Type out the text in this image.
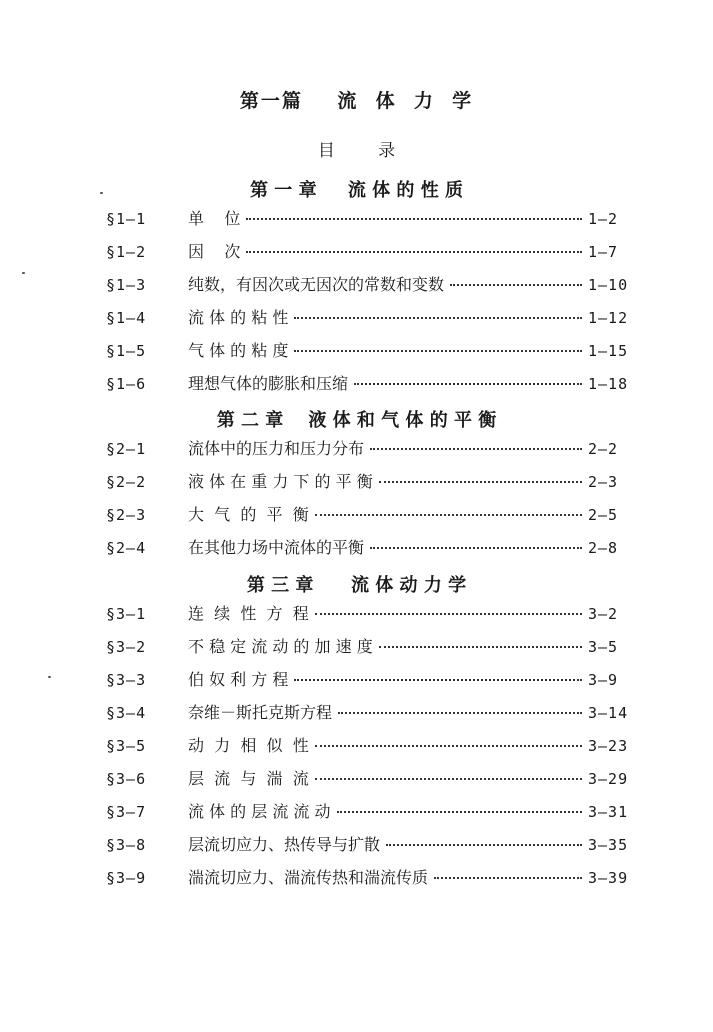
第一篇    流  体  力  学
目        录
第 一 章     流 体 的 性 质
§1—1	单    位	1—2
§1—2	因    次	1—7
§1—3	纯数，有因次或无因次的常数和变数	1—10
§1—4	流 体 的 粘 性	1—12
§1—5	气 体 的 粘 度	1—15
§1—6	理想气体的膨胀和压缩	1—18
第 二 章    液 体 和 气 体 的 平 衡
§2—1	流体中的压力和压力分布	2—2
§2—2	液 体 在 重 力 下 的 平 衡	2—3
§2—3	大  气  的  平  衡	2—5
§2—4	在其他力场中流体的平衡	2—8
第 三 章      流 体 动 力 学
§3—1	连  续  性  方  程	3—2
§3—2	不 稳 定 流 动 的 加 速 度	3—5
§3—3	伯 奴 利 方 程	3—9
§3—4	奈维－斯托克斯方程	3—14
§3—5	动  力  相  似  性	3—23
§3—6	层  流  与  湍  流	3—29
§3—7	流 体 的 层 流 流 动	3—31
§3—8	层流切应力、热传导与扩散	3—35
§3—9	湍流切应力、湍流传热和湍流传质	3—39
